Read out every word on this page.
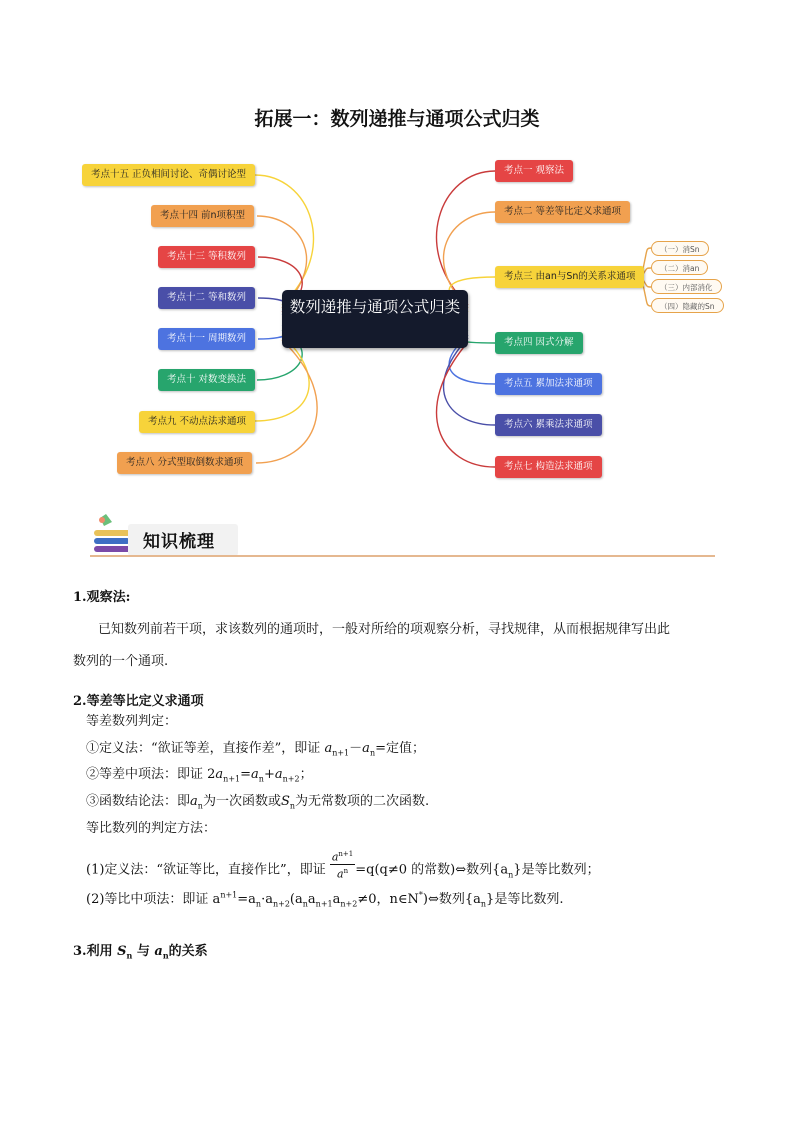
拓展一：数列递推与通项公式归类
数列递推与通项公式归类
考点十五 正负相间讨论、奇偶讨论型
考点十四 前n项积型
考点十三 等积数列
考点十二 等和数列
考点十一 周期数列
考点十 对数变换法
考点九 不动点法求通项
考点八 分式型取倒数求通项
考点一 观察法
考点二 等差等比定义求通项
考点三 由an与Sn的关系求通项
考点四 因式分解
考点五 累加法求通项
考点六 累乘法求通项
考点七 构造法求通项
（一）消Sn
（二）消an
（三）内部消化
（四）隐藏的Sn
知识梳理
1.观察法:
已知数列前若干项，求该数列的通项时，一般对所给的项观察分析，寻找规律，从而根据规律写出此
数列的一个通项.
2.等差等比定义求通项
等差数列判定：
①定义法：“欲证等差，直接作差”，即证 $a_{n+1}-a_n=$定值；
②等差中项法：即证 $2a_{n+1}=a_n+a_{n+2}$；
③函数结论法：即$a_n$为一次函数或$S_n$为无常数项的二次函数.
等比数列的判定方法：
(1)定义法：“欲证等比，直接作比”，即证 $\frac{a^{n+1}}{a^n} =q(q\ne 0$ 的常数)⇔数列$\{a_n\}$是等比数列；
(2)等比中项法：即证 $a^{n+1}=a_n\cdot a_{n+2}(a_na_{n+1}a_{n+2}\ne 0$，n∈N*)⇔数列$\{a_n\}$是等比数列.
3.利用 $S_n$ 与 $a_n$的关系
